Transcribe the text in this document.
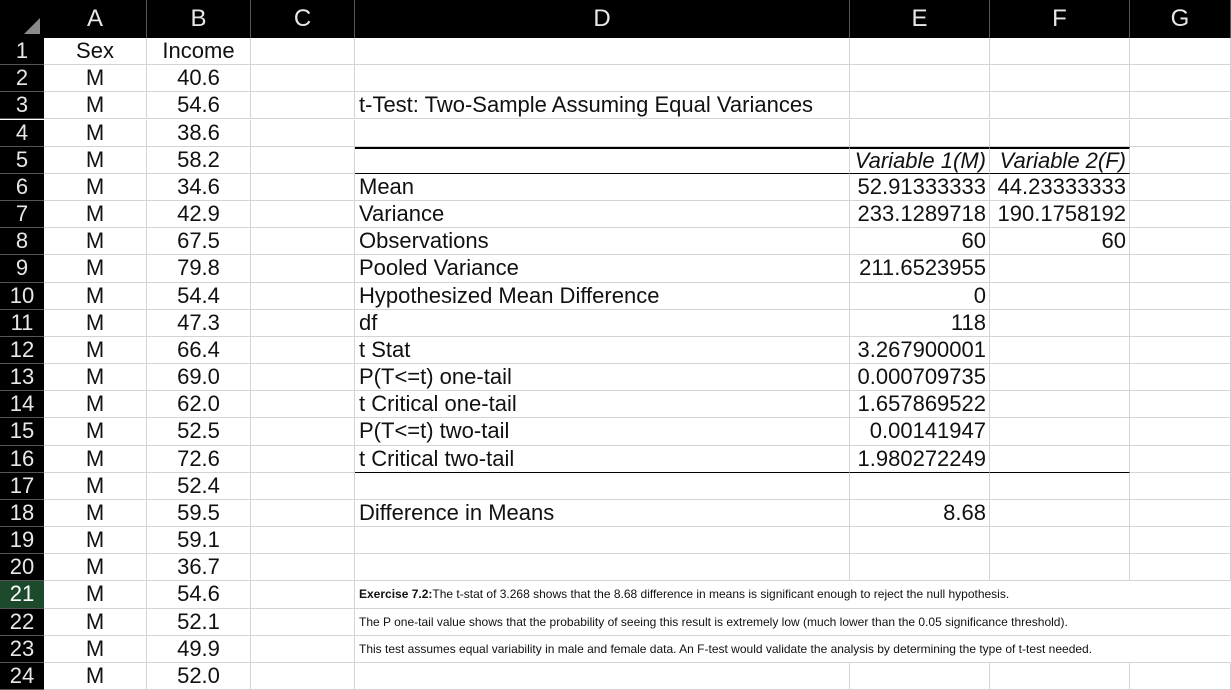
A	B	C	D	E	F	G
1	Sex	Income
2	M	40.6
3	M	54.6	t-Test: Two-Sample Assuming Equal Variances
4	M	38.6
5	M	58.2	Variable 1(M) Variable 2(F)
6	M	34.6	Mean	52.91333333 44.23333333
7	M	42.9	Variance	233.1289718 190.1758192
8	M	67.5	Observations	60	60
9	M	79.8	Pooled Variance	211.6523955
10	M	54.4	Hypothesized Mean Difference	0
11	M	47.3	df	118
12	M	66.4	t Stat	3.267900001
13	M	69.0	P(T<=t) one-tail	0.000709735
14	M	62.0	t Critical one-tail	1.657869522
15	M	52.5	P(T<=t) two-tail	0.00141947
16	M	72.6	t Critical two-tail	1.980272249
17	M	52.4
18	M	59.5	Difference in Means	8.68
19	M	59.1
20	M	36.7
21	M	54.6	Exercise 7.2: The t-stat of 3.268 shows that the 8.68 difference in means is significant enough to reject the null hypothesis.
22	M	52.1	The P one-tail value shows that the probability of seeing this result is extremely low (much lower than the 0.05 significance threshold).
23	M	49.9	This test assumes equal variability in male and female data. An F-test would validate the analysis by determining the type of t-test needed.
24	M	52.0
